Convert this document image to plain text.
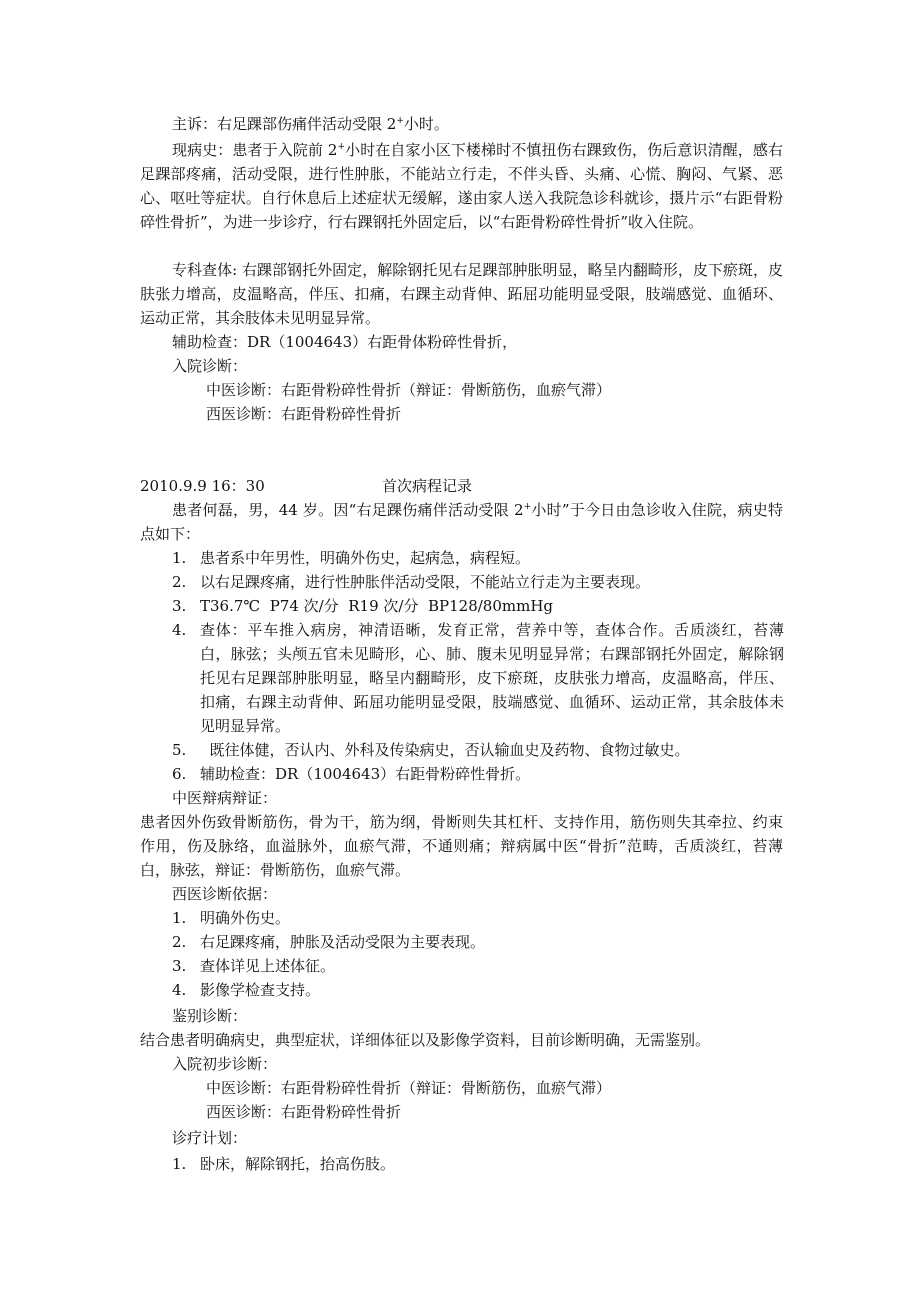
主诉：右足踝部伤痛伴活动受限 2+小时。

现病史：患者于入院前 2+小时在自家小区下楼梯时不慎扭伤右踝致伤，伤后意识清醒，感右足踝部疼痛，活动受限，进行性肿胀，不能站立行走，不伴头昏、头痛、心慌、胸闷、气紧、恶心、呕吐等症状。自行休息后上述症状无缓解，遂由家人送入我院急诊科就诊，摄片示“右距骨粉碎性骨折”，为进一步诊疗，行右踝钢托外固定后，以“右距骨粉碎性骨折”收入住院。

专科查体: 右踝部钢托外固定，解除钢托见右足踝部肿胀明显，略呈内翻畸形，皮下瘀斑，皮肤张力增高，皮温略高，伴压、扣痛，右踝主动背伸、跖屈功能明显受限，肢端感觉、血循环、运动正常，其余肢体未见明显异常。

辅助检查：DR（1004643）右距骨体粉碎性骨折，

入院诊断：

中医诊断：右距骨粉碎性骨折（辩证：骨断筋伤，血瘀气滞）

西医诊断：右距骨粉碎性骨折

2010.9.9 16：30	首次病程记录

患者何磊，男，44 岁。因“右足踝伤痛伴活动受限 2+小时”于今日由急诊收入住院，病史特点如下：

1. 患者系中年男性，明确外伤史，起病急，病程短。
2. 以右足踝疼痛，进行性肿胀伴活动受限，不能站立行走为主要表现。
3. T36.7℃  P74 次/分  R19 次/分  BP128/80mmHg
4. 查体：平车推入病房，神清语晰，发育正常，营养中等，查体合作。舌质淡红，苔薄白，脉弦；头颅五官未见畸形，心、肺、腹未见明显异常；右踝部钢托外固定，解除钢托见右足踝部肿胀明显，略呈内翻畸形，皮下瘀斑，皮肤张力增高，皮温略高，伴压、扣痛，右踝主动背伸、跖屈功能明显受限，肢端感觉、血循环、运动正常，其余肢体未见明显异常。
5. 既往体健，否认内、外科及传染病史，否认输血史及药物、食物过敏史。
6. 辅助检查：DR（1004643）右距骨粉碎性骨折。

中医辩病辩证：

患者因外伤致骨断筋伤，骨为干，筋为纲，骨断则失其杠杆、支持作用，筋伤则失其牵拉、约束作用，伤及脉络，血溢脉外，血瘀气滞，不通则痛；辩病属中医“骨折”范畴，舌质淡红，苔薄白，脉弦，辩证：骨断筋伤，血瘀气滞。

西医诊断依据：

1. 明确外伤史。
2. 右足踝疼痛，肿胀及活动受限为主要表现。
3. 查体详见上述体征。
4. 影像学检查支持。

鉴别诊断：

结合患者明确病史，典型症状，详细体征以及影像学资料，目前诊断明确，无需鉴别。

入院初步诊断：

中医诊断：右距骨粉碎性骨折（辩证：骨断筋伤，血瘀气滞）

西医诊断：右距骨粉碎性骨折

诊疗计划：

1. 卧床，解除钢托，抬高伤肢。
